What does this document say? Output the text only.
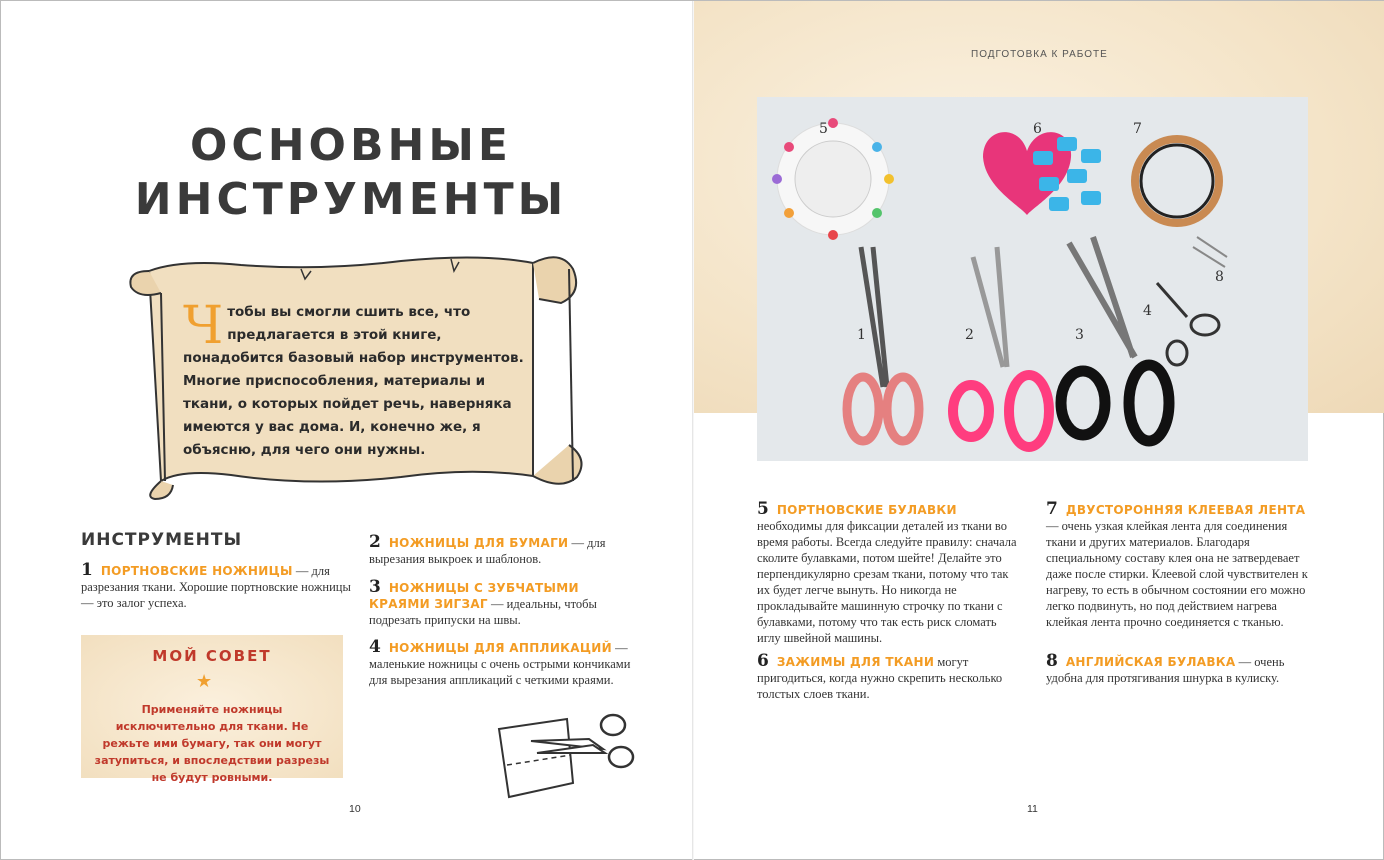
ОСНОВНЫЕ
ИНСТРУМЕНТЫ
Чтобы вы смогли сшить все, что предлагается в этой книге, понадобится базовый набор инструментов. Многие приспособления, материалы и ткани, о которых пойдет речь, наверняка имеются у вас дома. И, конечно же, я объясню, для чего они нужны.
ИНСТРУМЕНТЫ
1 ПОРТНОВСКИЕ НОЖНИЦЫ — для разрезания ткани. Хорошие портновские ножницы — это залог успеха.
2 НОЖНИЦЫ ДЛЯ БУМАГИ — для вырезания выкроек и шаблонов.
3 НОЖНИЦЫ С ЗУБЧАТЫМИ КРАЯМИ ЗИГЗАГ — идеальны, чтобы подрезать припуски на швы.
4 НОЖНИЦЫ ДЛЯ АППЛИКАЦИЙ — маленькие ножницы с очень острыми кончиками для вырезания аппликаций с четкими краями.
МОЙ СОВЕТ
★
Применяйте ножницы исключительно для ткани. Не режьте ими бумагу, так они могут затупиться, и впоследствии разрезы не будут ровными.
10
ПОДГОТОВКА К РАБОТЕ
1	2	3
4
5	6	7
8
5 ПОРТНОВСКИЕ БУЛАВКИ необходимы для фиксации деталей из ткани во время работы. Всегда следуйте правилу: сначала сколите булавками, потом шейте! Делайте это перпендикулярно срезам ткани, потому что так их будет легче вынуть. Но никогда не прокладывайте машинную строчку по ткани с булавками, потому что так есть риск сломать иглу швейной машины.
6 ЗАЖИМЫ ДЛЯ ТКАНИ могут пригодиться, когда нужно скрепить несколько толстых слоев ткани.
7 ДВУСТОРОННЯЯ КЛЕЕВАЯ ЛЕНТА — очень узкая клейкая лента для соединения ткани и других материалов. Благодаря специальному составу клея она не затвердевает даже после стирки. Клеевой слой чувствителен к нагреву, то есть в обычном состоянии его можно легко подвинуть, но под действием нагрева клейкая лента прочно соединяется с тканью.
8 АНГЛИЙСКАЯ БУЛАВКА — очень удобна для протягивания шнурка в кулиску.
11
